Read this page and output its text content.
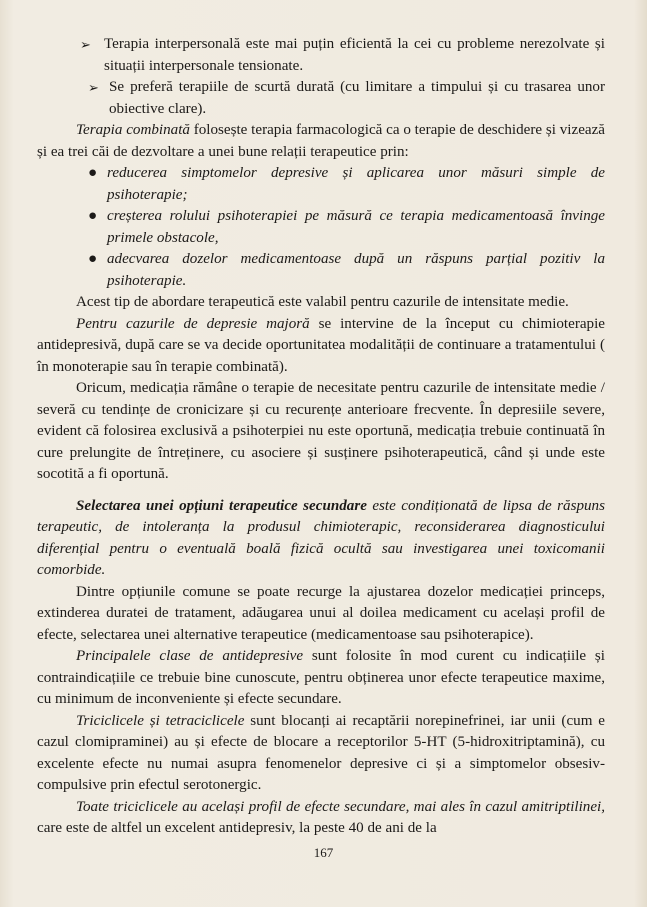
➢ Terapia interpersonală este mai puțin eficientă la cei cu probleme nerezolvate și situații interpersonale tensionate.

➢ Se preferă terapiile de scurtă durată (cu limitare a timpului și cu trasarea unor obiective clare).

Terapia combinată folosește terapia farmacologică ca o terapie de deschidere și vizează și ea trei căi de dezvoltare a unei bune relații terapeutice prin:

● reducerea simptomelor depresive și aplicarea unor măsuri simple de psihoterapie;
● creșterea rolului psihoterapiei pe măsură ce terapia medicamentoasă învinge primele obstacole,
● adecvarea dozelor medicamentoase după un răspuns parțial pozitiv la psihoterapie.

Acest tip de abordare terapeutică este valabil pentru cazurile de intensitate medie.

Pentru cazurile de depresie majoră se intervine de la început cu chimioterapie antidepresivă, după care se va decide oportunitatea modalității de continuare a tratamentului ( în monoterapie sau în terapie combinată).

Oricum, medicația rămâne o terapie de necesitate pentru cazurile de intensitate medie / severă cu tendințe de cronicizare și cu recurențe anterioare frecvente. În depresiile severe, evident că folosirea exclusivă a psihoterpiei nu este oportună, medicația trebuie continuată în cure prelungite de întreținere, cu asociere și susținere psihoterapeutică, când și unde este socotită a fi oportună.

Selectarea unei opțiuni terapeutice secundare este condiționată de lipsa de răspuns terapeutic, de intoleranța la produsul chimioterapic, reconsiderarea diagnosticului diferențial pentru o eventuală boală fizică ocultă sau investigarea unei toxicomanii comorbide.

Dintre opțiunile comune se poate recurge la ajustarea dozelor medicației princeps, extinderea duratei de tratament, adăugarea unui al doilea medicament cu același profil de efecte, selectarea unei alternative terapeutice (medicamentoase sau psihoterapice).

Principalele clase de antidepresive sunt folosite în mod curent cu indicațiile și contraindicațiile ce trebuie bine cunoscute, pentru obținerea unor efecte terapeutice maxime, cu minimum de inconveniente și efecte secundare.

Triciclicele și tetraciclicele sunt blocanți ai recaptării norepinefrinei, iar unii (cum e cazul clomipraminei) au și efecte de blocare a receptorilor 5-HT (5-hidroxitriptamină), cu excelente efecte nu numai asupra fenomenelor depresive ci și a simptomelor obsesiv-compulsive prin efectul serotonergic.

Toate triciclicele au același profil de efecte secundare, mai ales în cazul amitriptilinei, care este de altfel un excelent antidepresiv, la peste 40 de ani de la

167
